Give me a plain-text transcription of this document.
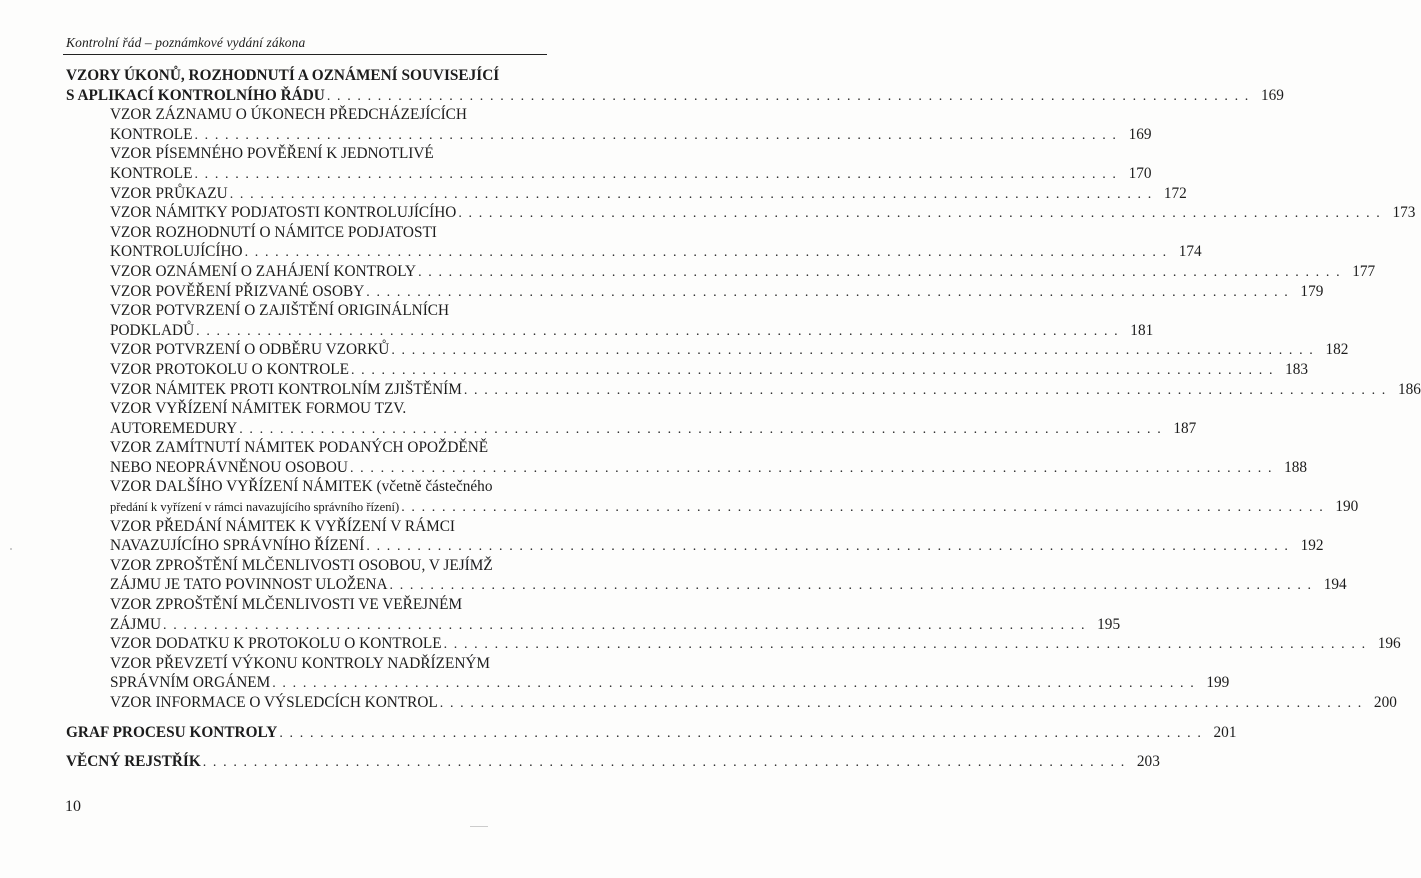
Kontrolní řád – poznámkové vydání zákona
VZORY ÚKONŮ, ROZHODNUTÍ A OZNÁMENÍ SOUVISEJÍCÍ
S APLIKACÍ KONTROLNÍHO ŘÁDU . . . . . . . . . . . . . . . . . . . . . . . . . . . . . . . . . . . . . . . . . . . . . . . . . . . . . . . . . . . . . . . . . . . . . . . . . . . . . . . . . . . . . . . . . . . 169
VZOR ZÁZNAMU O ÚKONECH PŘEDCHÁZEJÍCÍCH
KONTROLE . . . . . . . . . . . . . . . . . . . . . . . . . . . . . . . . . . . . . . . . . . . . . . . . . . . . . . . . . . . . . . . . . . . . . . . . . . . . . . . . . . . . . . . . . . . 169
VZOR PÍSEMNÉHO POVĚŘENÍ K JEDNOTLIVÉ
KONTROLE . . . . . . . . . . . . . . . . . . . . . . . . . . . . . . . . . . . . . . . . . . . . . . . . . . . . . . . . . . . . . . . . . . . . . . . . . . . . . . . . . . . . . . . . . . . 170
VZOR PRŮKAZU . . . . . . . . . . . . . . . . . . . . . . . . . . . . . . . . . . . . . . . . . . . . . . . . . . . . . . . . . . . . . . . . . . . . . . . . . . . . . . . . . . . . . . . . . . . 172
VZOR NÁMITKY PODJATOSTI KONTROLUJÍCÍHO . . . . . . . . . . . . . . . . . . . . . . . . . . . . . . . . . . . . . . . . . . . . . . . . . . . . . . . . . . . . . . . . . . . . . . . . . . . . . . . . . . . . . . . . . . . 173
VZOR ROZHODNUTÍ O NÁMITCE PODJATOSTI
KONTROLUJÍCÍHO . . . . . . . . . . . . . . . . . . . . . . . . . . . . . . . . . . . . . . . . . . . . . . . . . . . . . . . . . . . . . . . . . . . . . . . . . . . . . . . . . . . . . . . . . . . 174
VZOR OZNÁMENÍ O ZAHÁJENÍ KONTROLY . . . . . . . . . . . . . . . . . . . . . . . . . . . . . . . . . . . . . . . . . . . . . . . . . . . . . . . . . . . . . . . . . . . . . . . . . . . . . . . . . . . . . . . . . . . 177
VZOR POVĚŘENÍ PŘIZVANÉ OSOBY . . . . . . . . . . . . . . . . . . . . . . . . . . . . . . . . . . . . . . . . . . . . . . . . . . . . . . . . . . . . . . . . . . . . . . . . . . . . . . . . . . . . . . . . . . . 179
VZOR POTVRZENÍ O ZAJIŠTĚNÍ ORIGINÁLNÍCH
PODKLADŮ . . . . . . . . . . . . . . . . . . . . . . . . . . . . . . . . . . . . . . . . . . . . . . . . . . . . . . . . . . . . . . . . . . . . . . . . . . . . . . . . . . . . . . . . . . . 181
VZOR POTVRZENÍ O ODBĚRU VZORKŮ . . . . . . . . . . . . . . . . . . . . . . . . . . . . . . . . . . . . . . . . . . . . . . . . . . . . . . . . . . . . . . . . . . . . . . . . . . . . . . . . . . . . . . . . . . . 182
VZOR PROTOKOLU O KONTROLE . . . . . . . . . . . . . . . . . . . . . . . . . . . . . . . . . . . . . . . . . . . . . . . . . . . . . . . . . . . . . . . . . . . . . . . . . . . . . . . . . . . . . . . . . . . 183
VZOR NÁMITEK PROTI KONTROLNÍM ZJIŠTĚNÍM . . . . . . . . . . . . . . . . . . . . . . . . . . . . . . . . . . . . . . . . . . . . . . . . . . . . . . . . . . . . . . . . . . . . . . . . . . . . . . . . . . . . . . . . . . . 186
VZOR VYŘÍZENÍ NÁMITEK FORMOU TZV.
AUTOREMEDURY . . . . . . . . . . . . . . . . . . . . . . . . . . . . . . . . . . . . . . . . . . . . . . . . . . . . . . . . . . . . . . . . . . . . . . . . . . . . . . . . . . . . . . . . . . . 187
VZOR ZAMÍTNUTÍ NÁMITEK PODANÝCH OPOŽDĚNĚ
NEBO NEOPRÁVNĚNOU OSOBOU . . . . . . . . . . . . . . . . . . . . . . . . . . . . . . . . . . . . . . . . . . . . . . . . . . . . . . . . . . . . . . . . . . . . . . . . . . . . . . . . . . . . . . . . . . . 188
VZOR DALŠÍHO VYŘÍZENÍ NÁMITEK (včetně částečného
předání k vyřízení v rámci navazujícího správního řízení) . . . . . . . . . . . . . . . . . . . . . . . . . . . . . . . . . . . . . . . . . . . . . . . . . . . . . . . . . . . . . . . . . . . . . . . . . . . . . . . . . . . . . . . . . . . 190
VZOR PŘEDÁNÍ NÁMITEK K VYŘÍZENÍ V RÁMCI
NAVAZUJÍCÍHO SPRÁVNÍHO ŘÍZENÍ . . . . . . . . . . . . . . . . . . . . . . . . . . . . . . . . . . . . . . . . . . . . . . . . . . . . . . . . . . . . . . . . . . . . . . . . . . . . . . . . . . . . . . . . . . . 192
VZOR ZPROŠTĚNÍ MLČENLIVOSTI OSOBOU, V JEJÍMŽ
ZÁJMU JE TATO POVINNOST ULOŽENA . . . . . . . . . . . . . . . . . . . . . . . . . . . . . . . . . . . . . . . . . . . . . . . . . . . . . . . . . . . . . . . . . . . . . . . . . . . . . . . . . . . . . . . . . . . 194
VZOR ZPROŠTĚNÍ MLČENLIVOSTI VE VEŘEJNÉM
ZÁJMU . . . . . . . . . . . . . . . . . . . . . . . . . . . . . . . . . . . . . . . . . . . . . . . . . . . . . . . . . . . . . . . . . . . . . . . . . . . . . . . . . . . . . . . . . . . 195
VZOR DODATKU K PROTOKOLU O KONTROLE . . . . . . . . . . . . . . . . . . . . . . . . . . . . . . . . . . . . . . . . . . . . . . . . . . . . . . . . . . . . . . . . . . . . . . . . . . . . . . . . . . . . . . . . . . . 196
VZOR PŘEVZETÍ VÝKONU KONTROLY NADŘÍZENÝM
SPRÁVNÍM ORGÁNEM . . . . . . . . . . . . . . . . . . . . . . . . . . . . . . . . . . . . . . . . . . . . . . . . . . . . . . . . . . . . . . . . . . . . . . . . . . . . . . . . . . . . . . . . . . . 199
VZOR INFORMACE O VÝSLEDCÍCH KONTROL . . . . . . . . . . . . . . . . . . . . . . . . . . . . . . . . . . . . . . . . . . . . . . . . . . . . . . . . . . . . . . . . . . . . . . . . . . . . . . . . . . . . . . . . . . . 200
GRAF PROCESU KONTROLY . . . . . . . . . . . . . . . . . . . . . . . . . . . . . . . . . . . . . . . . . . . . . . . . . . . . . . . . . . . . . . . . . . . . . . . . . . . . . . . . . . . . . . . . . . . 201
VĚCNÝ REJSTŘÍK . . . . . . . . . . . . . . . . . . . . . . . . . . . . . . . . . . . . . . . . . . . . . . . . . . . . . . . . . . . . . . . . . . . . . . . . . . . . . . . . . . . . . . . . . . . 203
10
